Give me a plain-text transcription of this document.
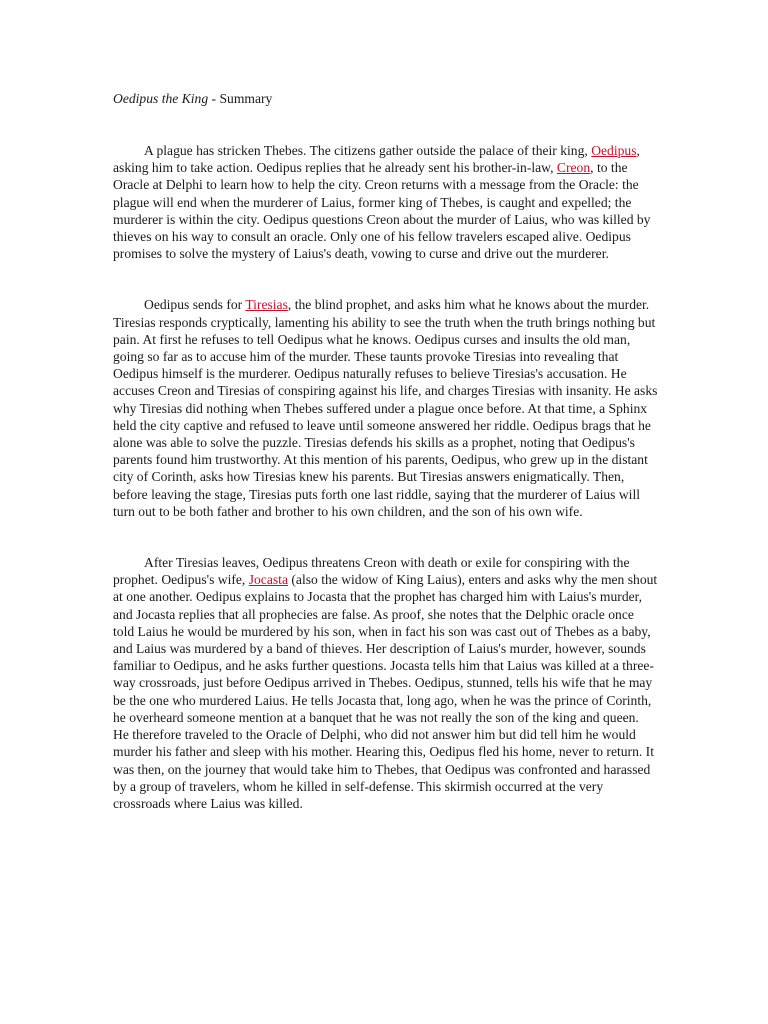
Oedipus the King - Summary

A plague has stricken Thebes. The citizens gather outside the palace of their king, Oedipus, asking him to take action. Oedipus replies that he already sent his brother-in-law, Creon, to the Oracle at Delphi to learn how to help the city. Creon returns with a message from the Oracle: the plague will end when the murderer of Laius, former king of Thebes, is caught and expelled; the murderer is within the city. Oedipus questions Creon about the murder of Laius, who was killed by thieves on his way to consult an oracle. Only one of his fellow travelers escaped alive. Oedipus promises to solve the mystery of Laius's death, vowing to curse and drive out the murderer.

Oedipus sends for Tiresias, the blind prophet, and asks him what he knows about the murder. Tiresias responds cryptically, lamenting his ability to see the truth when the truth brings nothing but pain. At first he refuses to tell Oedipus what he knows. Oedipus curses and insults the old man, going so far as to accuse him of the murder. These taunts provoke Tiresias into revealing that Oedipus himself is the murderer. Oedipus naturally refuses to believe Tiresias's accusation. He accuses Creon and Tiresias of conspiring against his life, and charges Tiresias with insanity. He asks why Tiresias did nothing when Thebes suffered under a plague once before. At that time, a Sphinx held the city captive and refused to leave until someone answered her riddle. Oedipus brags that he alone was able to solve the puzzle. Tiresias defends his skills as a prophet, noting that Oedipus's parents found him trustworthy. At this mention of his parents, Oedipus, who grew up in the distant city of Corinth, asks how Tiresias knew his parents. But Tiresias answers enigmatically. Then, before leaving the stage, Tiresias puts forth one last riddle, saying that the murderer of Laius will turn out to be both father and brother to his own children, and the son of his own wife.

After Tiresias leaves, Oedipus threatens Creon with death or exile for conspiring with the prophet. Oedipus's wife, Jocasta (also the widow of King Laius), enters and asks why the men shout at one another. Oedipus explains to Jocasta that the prophet has charged him with Laius's murder, and Jocasta replies that all prophecies are false. As proof, she notes that the Delphic oracle once told Laius he would be murdered by his son, when in fact his son was cast out of Thebes as a baby, and Laius was murdered by a band of thieves. Her description of Laius's murder, however, sounds familiar to Oedipus, and he asks further questions. Jocasta tells him that Laius was killed at a three-way crossroads, just before Oedipus arrived in Thebes. Oedipus, stunned, tells his wife that he may be the one who murdered Laius. He tells Jocasta that, long ago, when he was the prince of Corinth, he overheard someone mention at a banquet that he was not really the son of the king and queen. He therefore traveled to the Oracle of Delphi, who did not answer him but did tell him he would murder his father and sleep with his mother. Hearing this, Oedipus fled his home, never to return. It was then, on the journey that would take him to Thebes, that Oedipus was confronted and harassed by a group of travelers, whom he killed in self-defense. This skirmish occurred at the very crossroads where Laius was killed.
